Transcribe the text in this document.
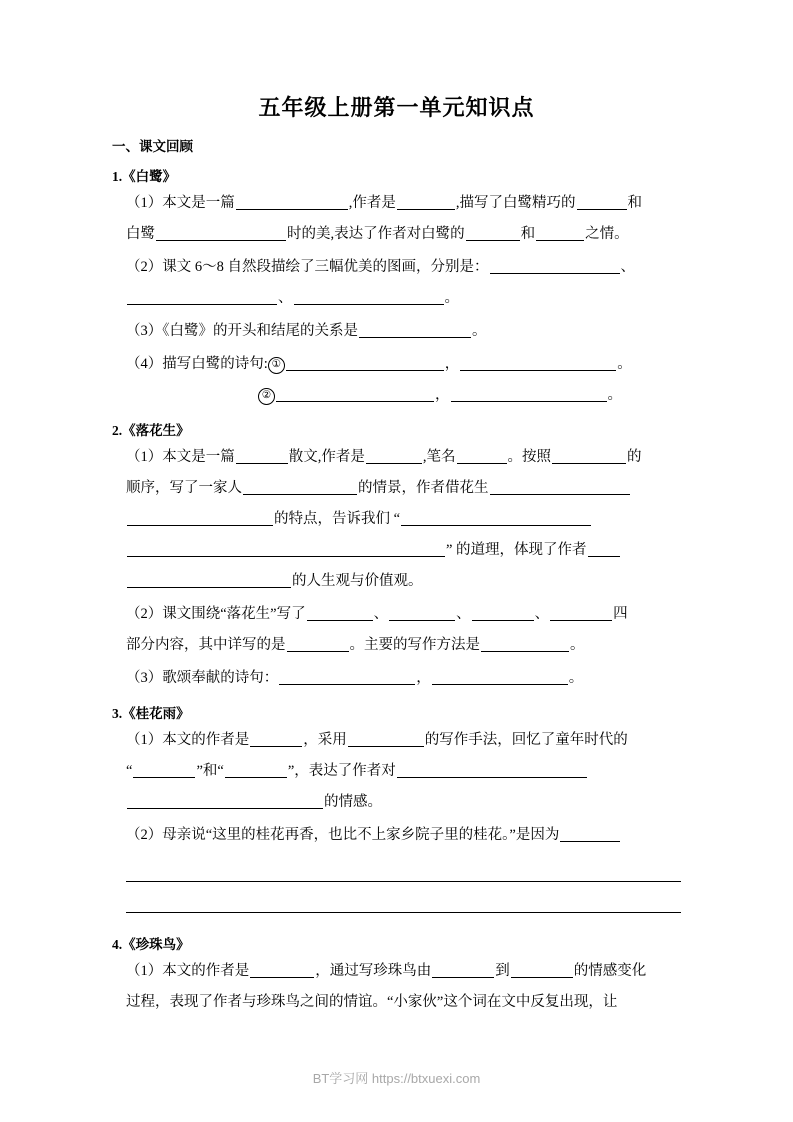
五年级上册第一单元知识点
一、课文回顾
1.《白鹭》
（1）本文是一篇	,作者是	,描写了白鹭精巧的	和
白鹭	时的美,表达了作者对白鹭的	和	之情。
（2）课文 6～8 自然段描绘了三幅优美的图画，分别是：	、
、	。
（3）《白鹭》的开头和结尾的关系是	。
（4）描写白鹭的诗句: ①	，	。
②	，	。
2.《落花生》
（1）本文是一篇	散文,作者是	,笔名	。按照	的
顺序，写了一家人	的情景，作者借花生
的特点，告诉我们 “
” 的道理，体现了作者
的人生观与价值观。
（2）课文围绕“落花生”写了	、	、	、	四
部分内容，其中详写的是	。主要的写作方法是	。
（3）歌颂奉献的诗句：	，	。
3.《桂花雨》
（1）本文的作者是	，采用	的写作手法，回忆了童年时代的
“	”和“	”，表达了作者对
的情感。
（2）母亲说“这里的桂花再香，也比不上家乡院子里的桂花。”是因为
4.《珍珠鸟》
（1）本文的作者是	，通过写珍珠鸟由	到	的情感变化
过程，表现了作者与珍珠鸟之间的情谊。“小家伙”这个词在文中反复出现，让
BT学习网 https://btxuexi.com
